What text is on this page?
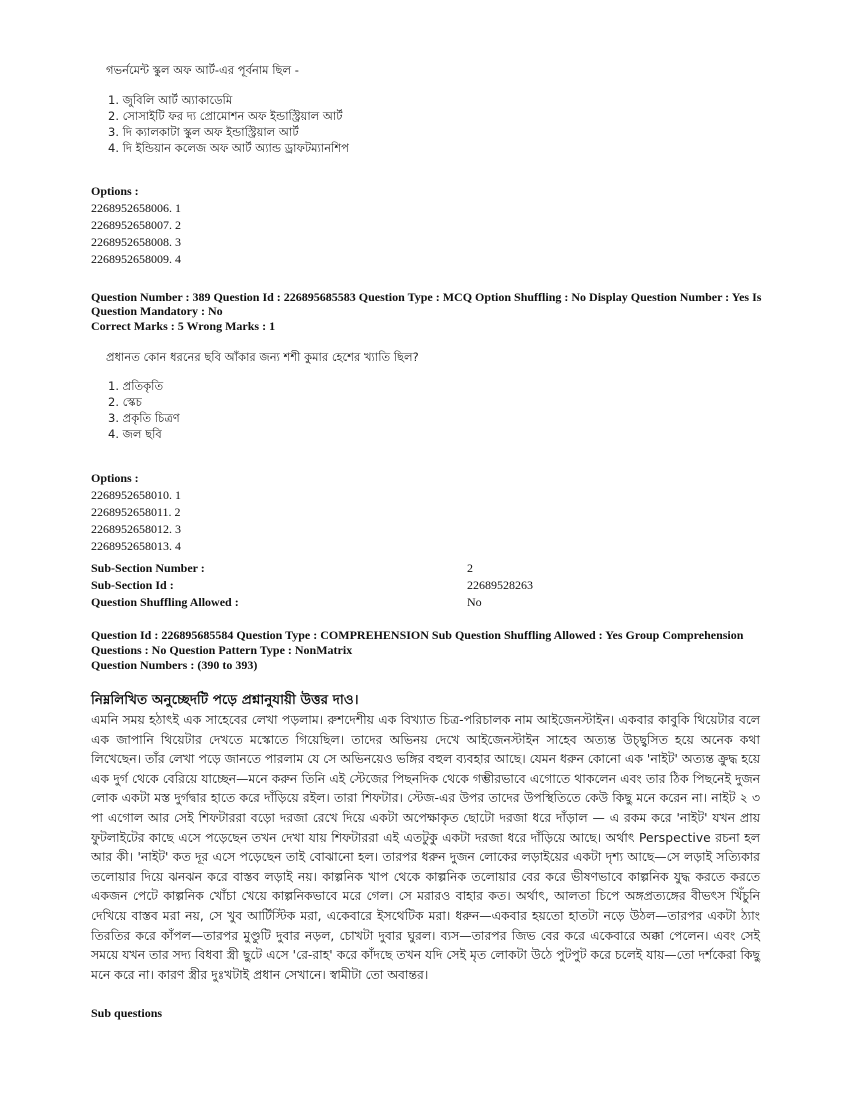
গভর্নমেন্ট স্কুল অফ আর্ট-এর পূর্বনাম ছিল -
1. জুবিলি আর্ট অ্যাকাডেমি
2. সোসাইটি ফর দ্য প্রোমোশন অফ ইন্ডাস্ট্রিয়াল আর্ট
3. দি ক্যালকাটা স্কুল অফ ইন্ডাস্ট্রিয়াল আর্ট
4. দি ইন্ডিয়ান কলেজ অফ আর্ট অ্যান্ড ড্রাফটম্যানশিপ
Options :
2268952658006. 1
2268952658007. 2
2268952658008. 3
2268952658009. 4
Question Number : 389 Question Id : 226895685583 Question Type : MCQ Option Shuffling : No Display Question Number : Yes Is
Question Mandatory : No
Correct Marks : 5 Wrong Marks : 1
প্রধানত কোন ধরনের ছবি আঁকার জন্য শশী কুমার হেশের খ্যাতি ছিল?
1. প্রতিকৃতি
2. স্কেচ
3. প্রকৃতি চিত্রণ
4. জল ছবি
Options :
2268952658010. 1
2268952658011. 2
2268952658012. 3
2268952658013. 4
Sub-Section Number :	2
Sub-Section Id :	22689528263
Question Shuffling Allowed :	No
Question Id : 226895685584 Question Type : COMPREHENSION Sub Question Shuffling Allowed : Yes Group Comprehension
Questions : No Question Pattern Type : NonMatrix
Question Numbers : (390 to 393)
নিম্নলিখিত অনুচ্ছেদটি পড়ে প্রশ্নানুযায়ী উত্তর দাও।
এমনি সময় হঠাৎই এক সাহেবের লেখা পড়লাম। রুশদেশীয় এক বিখ্যাত চিত্র-পরিচালক নাম আইজেনস্টাইন। একবার কাবুকি থিয়েটার বলে এক জাপানি থিয়েটার দেখতে মস্কোতে গিয়েছিল। তাদের অভিনয় দেখে আইজেনস্টাইন সাহেব অত্যন্ত উচ্ছ্বসিত হয়ে অনেক কথা লিখেছেন। তাঁর লেখা পড়ে জানতে পারলাম যে সে অভিনয়েও ভঙ্গির বহুল ব্যবহার আছে। যেমন ধরুন কোনো এক 'নাইট' অত্যন্ত ক্রুদ্ধ হয়ে এক দুর্গ থেকে বেরিয়ে যাচ্ছেন—মনে করুন তিনি এই স্টেজের পিছনদিক থেকে গম্ভীরভাবে এগোতে থাকলেন এবং তার ঠিক পিছনেই দুজন লোক একটা মস্ত দুর্গদ্বার হাতে করে দাঁড়িয়ে রইল। তারা শিফটার। স্টেজ-এর উপর তাদের উপস্থিতিতে কেউ কিছু মনে করেন না। নাইট ২ ৩ পা এগোল আর সেই শিফটাররা বড়ো দরজা রেখে দিয়ে একটা অপেক্ষাকৃত ছোটো দরজা ধরে দাঁড়াল — এ রকম করে 'নাইট' যখন প্রায় ফুটলাইটের কাছে এসে পড়েছেন তখন দেখা যায় শিফটাররা এই এতটুকু একটা দরজা ধরে দাঁড়িয়ে আছে। অর্থাৎ Perspective রচনা হল আর কী। 'নাইট' কত দূর এসে পড়েছেন তাই বোঝানো হল। তারপর ধরুন দুজন লোকের লড়াইয়ের একটা দৃশ্য আছে—সে লড়াই সত্যিকার তলোয়ার দিয়ে ঝনঝন করে বাস্তব লড়াই নয়। কাল্পনিক খাপ থেকে কাল্পনিক তলোয়ার বের করে ভীষণভাবে কাল্পনিক যুদ্ধ করতে করতে একজন পেটে কাল্পনিক খোঁচা খেয়ে কাল্পনিকভাবে মরে গেল। সে মরারও বাহার কত। অর্থাৎ, আলতা চিপে অঙ্গপ্রত্যঙ্গের বীভৎস খিঁচুনি দেখিয়ে বাস্তব মরা নয়, সে খুব আর্টিস্টিক মরা, একেবারে ইসথেটিক মরা। ধরুন—একবার হয়তো হাতটা নড়ে উঠল—তারপর একটা ঠ্যাং তিরতির করে কাঁপল—তারপর মুণ্ডুটি দুবার নড়ল, চোখটা দুবার ঘুরল। ব্যস—তারপর জিভ বের করে একেবারে অক্কা পেলেন। এবং সেই সময়ে যখন তার সদ্য বিধবা স্ত্রী ছুটে এসে 'রে-রাহ' করে কাঁদছে তখন যদি সেই মৃত লোকটা উঠে পুটপুট করে চলেই যায়—তো দর্শকেরা কিছু মনে করে না। কারণ স্ত্রীর দুঃখটাই প্রধান সেখানে। স্বামীটা তো অবান্তর।
Sub questions
